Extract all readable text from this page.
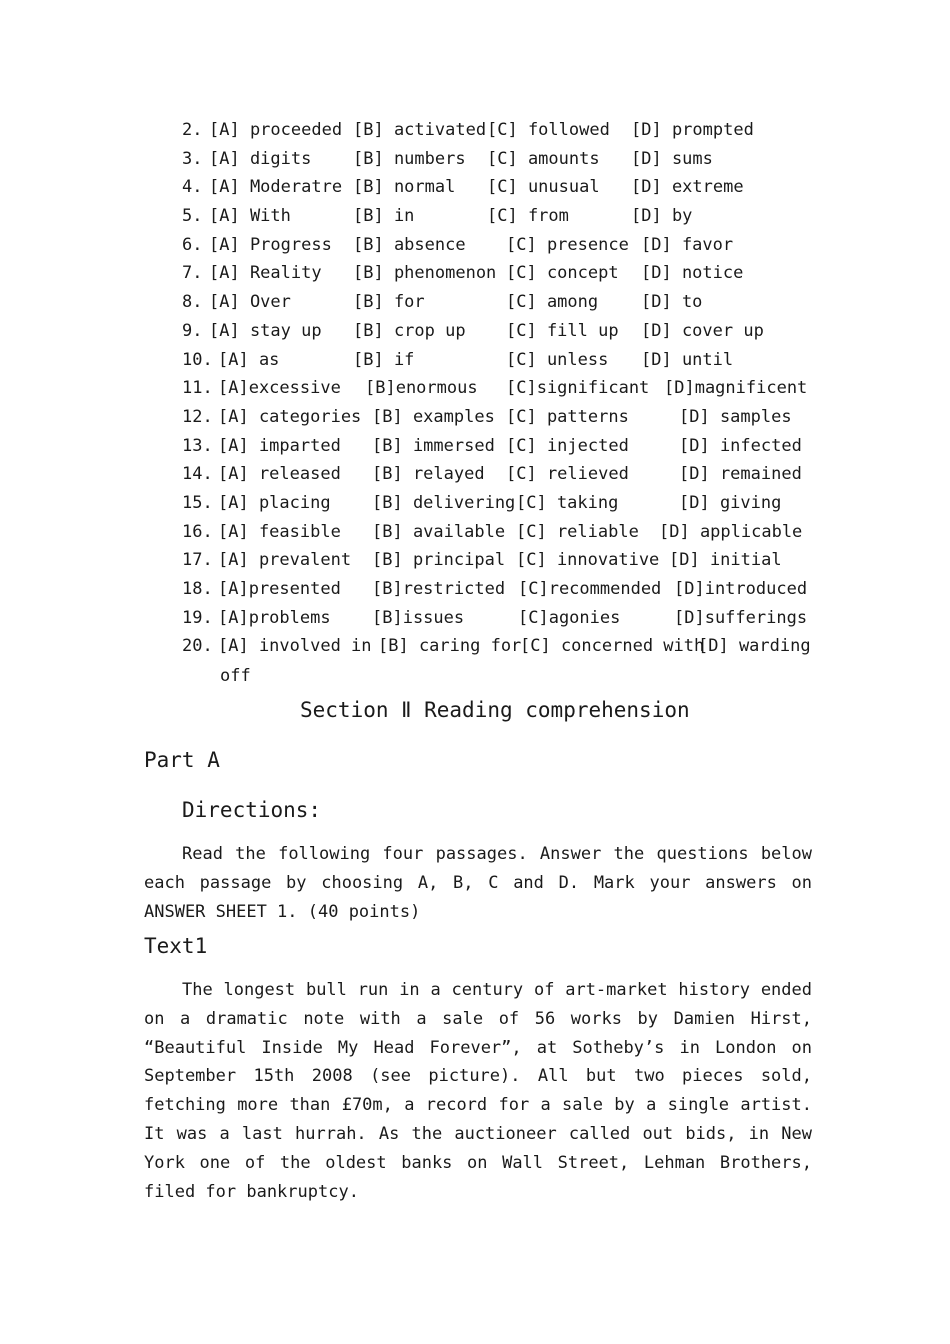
2. [A] proceeded [B] activated [C] followed [D] prompted
3. [A] digits [B] numbers [C] amounts [D] sums
4. [A] Moderatre [B] normal [C] unusual [D] extreme
5. [A] With	[B] in	[C] from	[D] by
6. [A] Progress [B] absence [C] presence [D] favor
7. [A] Reality [B] phenomenon [C] concept [D] notice
8. [A] Over	[B] for	[C] among	[D] to
9. [A] stay up [B] crop up [C] fill up [D] cover up
10. [A] as	[B] if	[C] unless [D] until
11. [A]excessive [B]enormous [C]significant [D]magnificent
12. [A] categories [B] examples [C] patterns	[D] samples
13. [A] imparted [B] immersed [C] injected	[D] infected
14. [A] released [B] relayed [C] relieved	[D] remained
15. [A] placing [B] delivering [C] taking	[D] giving
16. [A] feasible [B] available [C] reliable [D] applicable
17. [A] prevalent [B] principal [C] innovative [D] initial
18. [A]presented [B]restricted [C]recommended [D]introduced
19. [A]problems [B]issues	[C]agonies	[D]sufferings
20. [A] involved in [B] caring for
[C] concerned with
[D] warding
off
Section Ⅱ Reading comprehension
Part A
Directions:

Read the following four passages. Answer the questions below each passage by choosing A, B, C and D. Mark your answers on ANSWER SHEET 1. (40 points)

Text1

The longest bull run in a century of art-market history ended on a dramatic note with a sale of 56 works by Damien Hirst, “Beautiful Inside My Head Forever”, at Sotheby’s in London on September 15th 2008 (see picture). All but two pieces sold, fetching more than £70m, a record for a sale by a single artist. It was a last hurrah. As the auctioneer called out bids, in New York one of the oldest banks on Wall Street, Lehman Brothers, filed for bankruptcy.
